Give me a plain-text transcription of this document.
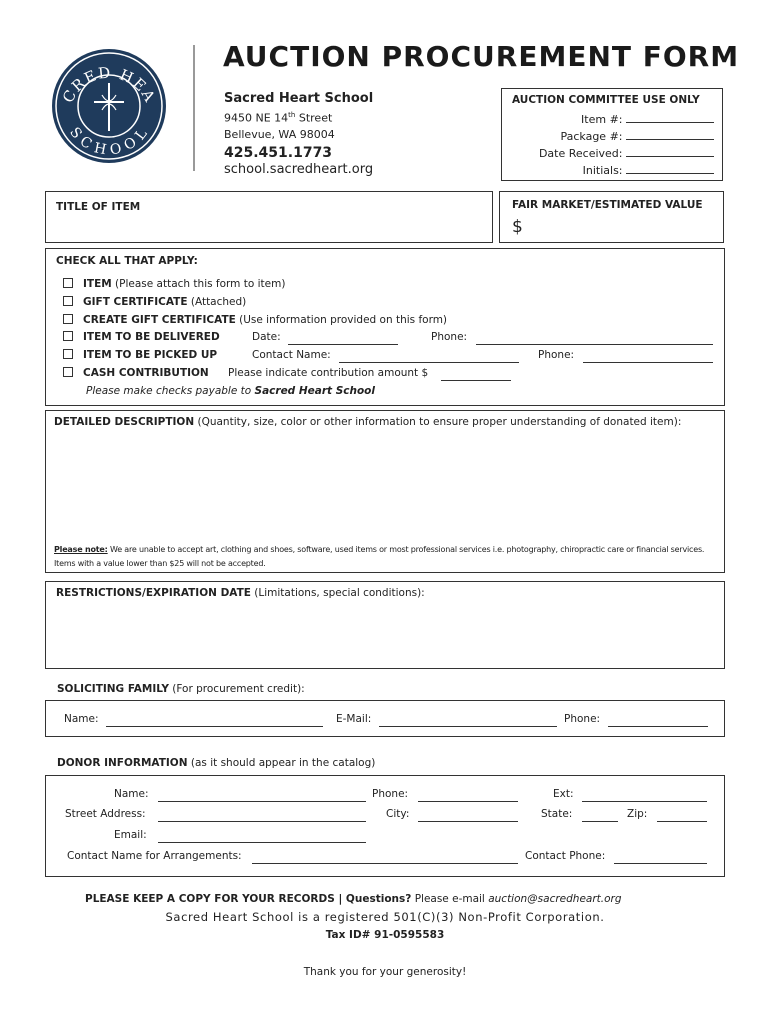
CRED HEA
SCHOOL
AUCTION PROCUREMENT FORM
Sacred Heart School
9450 NE 14th Street
Bellevue, WA 98004
425.451.1773
school.sacredheart.org
AUCTION COMMITTEE USE ONLY
Item #:
Package #:
Date Received:
Initials:
TITLE OF ITEM	FAIR MARKET/ESTIMATED VALUE
$
CHECK ALL THAT APPLY:
ITEM (Please attach this form to item)
GIFT CERTIFICATE (Attached)
CREATE GIFT CERTIFICATE (Use information provided on this form)
ITEM TO BE DELIVERED	Date:	Phone:
ITEM TO BE PICKED UP	Contact Name:	Phone:
CASH CONTRIBUTION Please indicate contribution amount $
Please make checks payable to Sacred Heart School
DETAILED DESCRIPTION (Quantity, size, color or other information to ensure proper understanding of donated item):
Please note: We are unable to accept art, clothing and shoes, software, used items or most professional services i.e. photography, chiropractic care or financial services. Items with a value lower than $25 will not be accepted.
RESTRICTIONS/EXPIRATION DATE (Limitations, special conditions):
SOLICITING FAMILY (For procurement credit):
Name:	E-Mail:	Phone:
DONOR INFORMATION (as it should appear in the catalog)
Name:	Phone:	Ext:
Street Address:	City:	State:	Zip:
Email:
Contact Name for Arrangements:	Contact Phone:
PLEASE KEEP A COPY FOR YOUR RECORDS | Questions? Please e-mail auction@sacredheart.org
Sacred Heart School is a registered 501(C)(3) Non-Profit Corporation.
Tax ID# 91-0595583
Thank you for your generosity!
